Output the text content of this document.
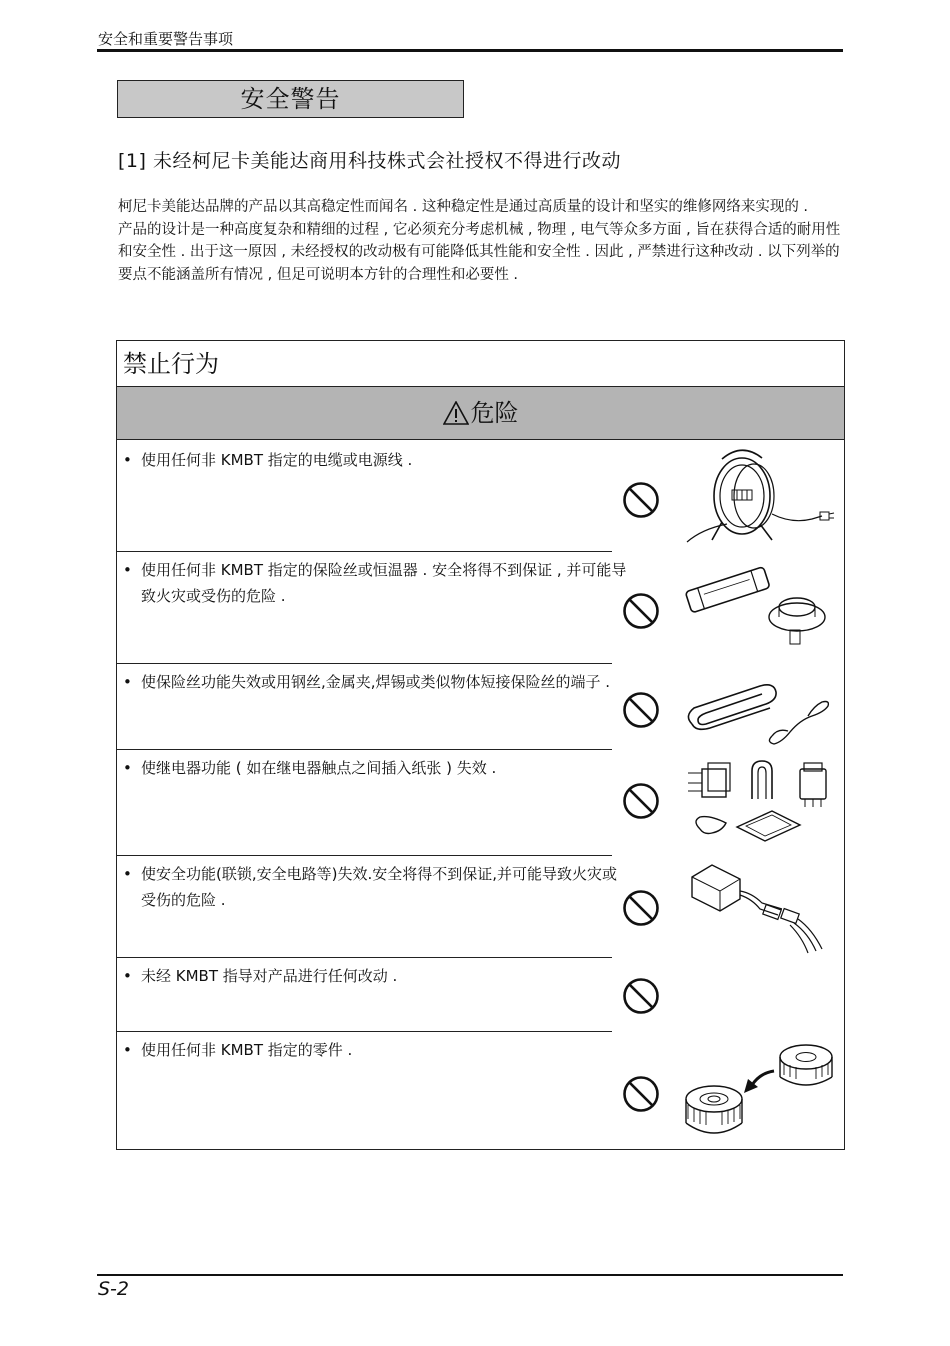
安全和重要警告事项
安全警告
[1] 未经柯尼卡美能达商用科技株式会社授权不得进行改动

柯尼卡美能达品牌的产品以其高稳定性而闻名 . 这种稳定性是通过高质量的设计和坚实的维修网络来实现的 .

产品的设计是一种高度复杂和精细的过程 , 它必须充分考虑机械 , 物理 , 电气等众多方面 , 旨在获得合适的耐用性和安全性 . 出于这一原因 , 未经授权的改动极有可能降低其性能和安全性 . 因此 , 严禁进行这种改动 . 以下列举的要点不能涵盖所有情况 , 但足可说明本方针的合理性和必要性 .

禁止行为
危险
• 使用任何非 KMBT 指定的电缆或电源线 .
• 使用任何非 KMBT 指定的保险丝或恒温器 . 安全将得不到保证 , 并可能导致火灾或受伤的危险 .
• 使保险丝功能失效或用钢丝,金属夹,焊锡或类似物体短接保险丝的端子 .
• 使继电器功能 ( 如在继电器触点之间插入纸张 ) 失效 .
• 使安全功能(联锁,安全电路等)失效.安全将得不到保证,并可能导致火灾或受伤的危险 .
• 未经 KMBT 指导对产品进行任何改动 .
• 使用任何非 KMBT 指定的零件 .
S-2
